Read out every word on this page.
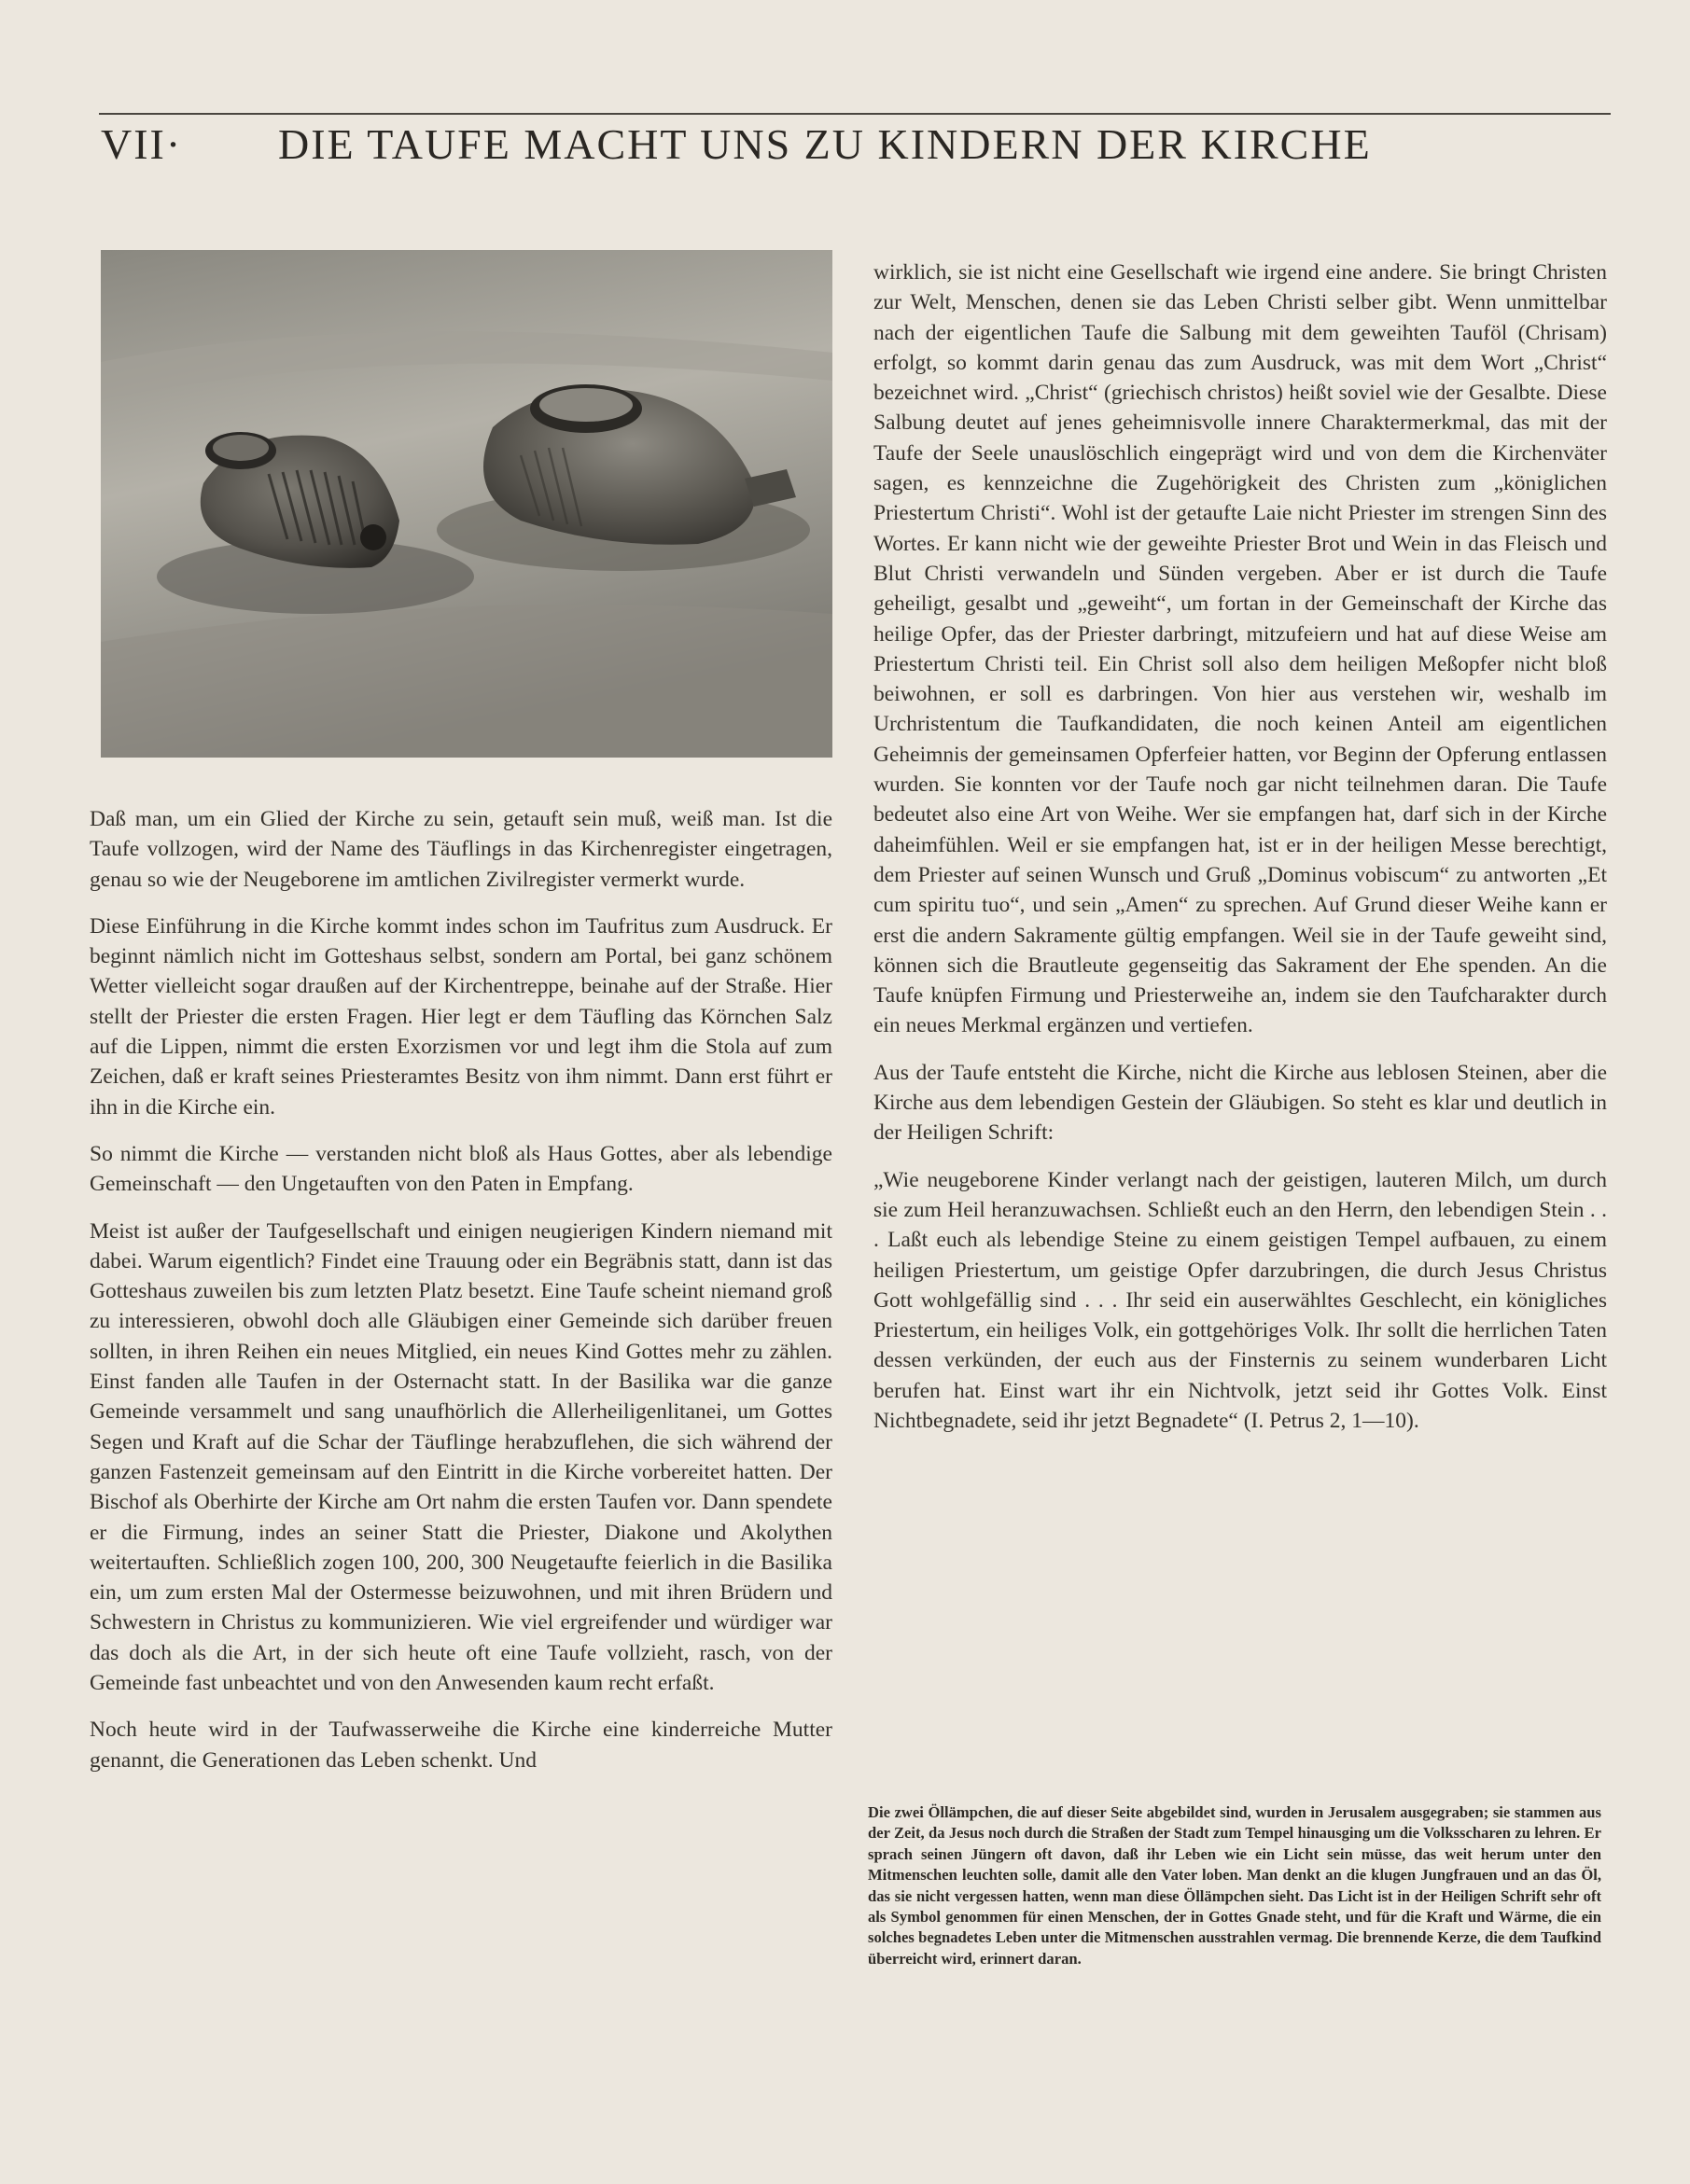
VII· DIE TAUFE MACHT UNS ZU KINDERN DER KIRCHE

Daß man, um ein Glied der Kirche zu sein, getauft sein muß, weiß man. Ist die Taufe vollzogen, wird der Name des Täuflings in das Kirchenregister eingetragen, genau so wie der Neugeborene im amtlichen Zivilregister vermerkt wurde.

Diese Einführung in die Kirche kommt indes schon im Taufritus zum Ausdruck. Er beginnt nämlich nicht im Gotteshaus selbst, sondern am Portal, bei ganz schönem Wetter vielleicht sogar draußen auf der Kirchentreppe, beinahe auf der Straße. Hier stellt der Priester die ersten Fragen. Hier legt er dem Täufling das Körnchen Salz auf die Lippen, nimmt die ersten Exorzismen vor und legt ihm die Stola auf zum Zeichen, daß er kraft seines Priesteramtes Besitz von ihm nimmt. Dann erst führt er ihn in die Kirche ein.

So nimmt die Kirche — verstanden nicht bloß als Haus Gottes, aber als lebendige Gemeinschaft — den Ungetauften von den Paten in Empfang.

Meist ist außer der Taufgesellschaft und einigen neugierigen Kindern niemand mit dabei. Warum eigentlich? Findet eine Trauung oder ein Begräbnis statt, dann ist das Gotteshaus zuweilen bis zum letzten Platz besetzt. Eine Taufe scheint niemand groß zu interessieren, obwohl doch alle Gläubigen einer Gemeinde sich darüber freuen sollten, in ihren Reihen ein neues Mitglied, ein neues Kind Gottes mehr zu zählen. Einst fanden alle Taufen in der Osternacht statt. In der Basilika war die ganze Gemeinde versammelt und sang unaufhörlich die Allerheiligenlitanei, um Gottes Segen und Kraft auf die Schar der Täuflinge herabzuflehen, die sich während der ganzen Fastenzeit gemeinsam auf den Eintritt in die Kirche vorbereitet hatten. Der Bischof als Oberhirte der Kirche am Ort nahm die ersten Taufen vor. Dann spendete er die Firmung, indes an seiner Statt die Priester, Diakone und Akolythen weitertauften. Schließlich zogen 100, 200, 300 Neugetaufte feierlich in die Basilika ein, um zum ersten Mal der Ostermesse beizuwohnen, und mit ihren Brüdern und Schwestern in Christus zu kommunizieren. Wie viel ergreifender und würdiger war das doch als die Art, in der sich heute oft eine Taufe vollzieht, rasch, von der Gemeinde fast unbeachtet und von den Anwesenden kaum recht erfaßt.

Noch heute wird in der Taufwasserweihe die Kirche eine kinderreiche Mutter genannt, die Generationen das Leben schenkt. Und

wirklich, sie ist nicht eine Gesellschaft wie irgend eine andere. Sie bringt Christen zur Welt, Menschen, denen sie das Leben Christi selber gibt. Wenn unmittelbar nach der eigentlichen Taufe die Salbung mit dem geweihten Tauföl (Chrisam) erfolgt, so kommt darin genau das zum Ausdruck, was mit dem Wort „Christ“ bezeichnet wird. „Christ“ (griechisch christos) heißt soviel wie der Gesalbte. Diese Salbung deutet auf jenes geheimnisvolle innere Charaktermerkmal, das mit der Taufe der Seele unauslöschlich eingeprägt wird und von dem die Kirchenväter sagen, es kennzeichne die Zugehörigkeit des Christen zum „königlichen Priestertum Christi“. Wohl ist der getaufte Laie nicht Priester im strengen Sinn des Wortes. Er kann nicht wie der geweihte Priester Brot und Wein in das Fleisch und Blut Christi verwandeln und Sünden vergeben. Aber er ist durch die Taufe geheiligt, gesalbt und „geweiht“, um fortan in der Gemeinschaft der Kirche das heilige Opfer, das der Priester darbringt, mitzufeiern und hat auf diese Weise am Priestertum Christi teil. Ein Christ soll also dem heiligen Meßopfer nicht bloß beiwohnen, er soll es darbringen. Von hier aus verstehen wir, weshalb im Urchristentum die Taufkandidaten, die noch keinen Anteil am eigentlichen Geheimnis der gemeinsamen Opferfeier hatten, vor Beginn der Opferung entlassen wurden. Sie konnten vor der Taufe noch gar nicht teilnehmen daran. Die Taufe bedeutet also eine Art von Weihe. Wer sie empfangen hat, darf sich in der Kirche daheimfühlen. Weil er sie empfangen hat, ist er in der heiligen Messe berechtigt, dem Priester auf seinen Wunsch und Gruß „Dominus vobiscum“ zu antworten „Et cum spiritu tuo“, und sein „Amen“ zu sprechen. Auf Grund dieser Weihe kann er erst die andern Sakramente gültig empfangen. Weil sie in der Taufe geweiht sind, können sich die Brautleute gegenseitig das Sakrament der Ehe spenden. An die Taufe knüpfen Firmung und Priesterweihe an, indem sie den Taufcharakter durch ein neues Merkmal ergänzen und vertiefen.

Aus der Taufe entsteht die Kirche, nicht die Kirche aus leblosen Steinen, aber die Kirche aus dem lebendigen Gestein der Gläubigen. So steht es klar und deutlich in der Heiligen Schrift:

„Wie neugeborene Kinder verlangt nach der geistigen, lauteren Milch, um durch sie zum Heil heranzuwachsen. Schließt euch an den Herrn, den lebendigen Stein . . . Laßt euch als lebendige Steine zu einem geistigen Tempel aufbauen, zu einem heiligen Priestertum, um geistige Opfer darzubringen, die durch Jesus Christus Gott wohlgefällig sind . . . Ihr seid ein auserwähltes Geschlecht, ein königliches Priestertum, ein heiliges Volk, ein gottgehöriges Volk. Ihr sollt die herrlichen Taten dessen verkünden, der euch aus der Finsternis zu seinem wunderbaren Licht berufen hat. Einst wart ihr ein Nichtvolk, jetzt seid ihr Gottes Volk. Einst Nichtbegnadete, seid ihr jetzt Begnadete“ (I. Petrus 2, 1—10).

Die zwei Öllämpchen, die auf dieser Seite abgebildet sind, wurden in Jerusalem ausgegraben; sie stammen aus der Zeit, da Jesus noch durch die Straßen der Stadt zum Tempel hinausging um die Volksscharen zu lehren. Er sprach seinen Jüngern oft davon, daß ihr Leben wie ein Licht sein müsse, das weit herum unter den Mitmenschen leuchten solle, damit alle den Vater loben. Man denkt an die klugen Jungfrauen und an das Öl, das sie nicht vergessen hatten, wenn man diese Öllämpchen sieht. Das Licht ist in der Heiligen Schrift sehr oft als Symbol genommen für einen Menschen, der in Gottes Gnade steht, und für die Kraft und Wärme, die ein solches begnadetes Leben unter die Mitmenschen ausstrahlen vermag. Die brennende Kerze, die dem Taufkind überreicht wird, erinnert daran.
